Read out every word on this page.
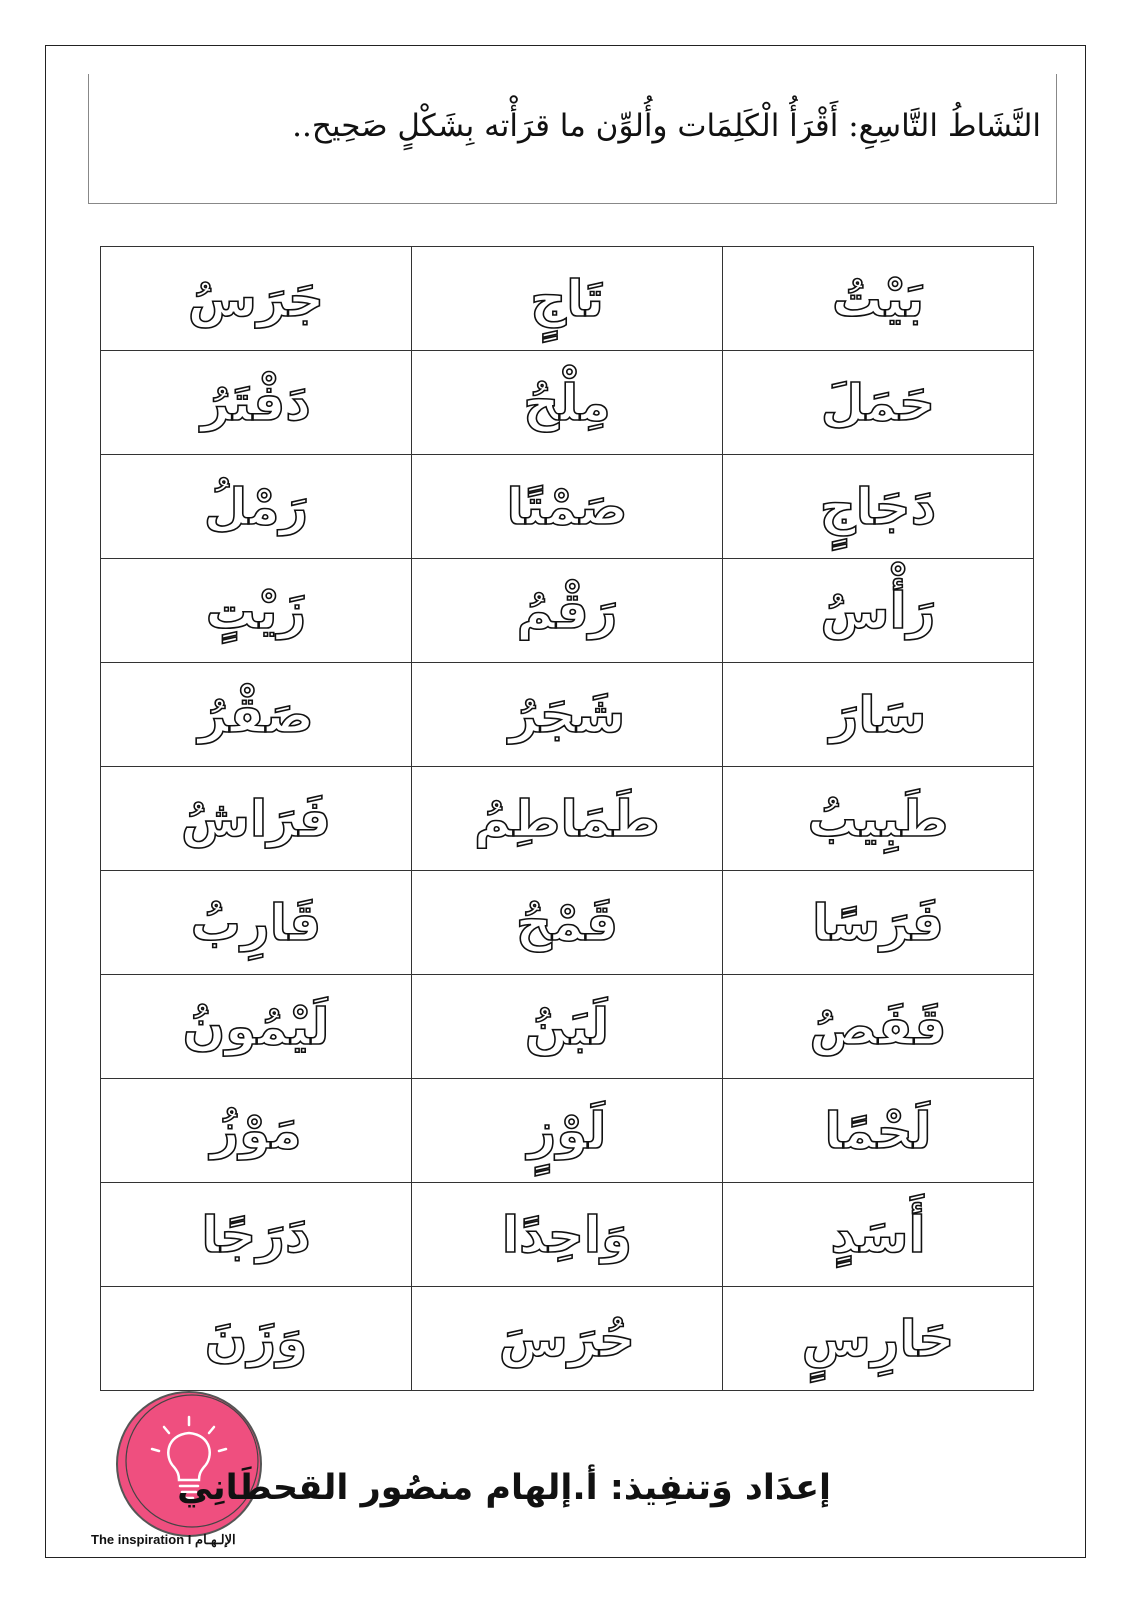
النَّشَاطُ التَّاسِعِ: أَقْرَأُ الْكَلِمَات وأُلوِّن ما قرَأْته بِشَكْلٍ صَحِيح..
بَيْتُ	تَاجٍ	جَرَسُ
حَمَلَ	مِلْحُ	دَفْتَرُ
دَجَاجٍ	صَمْتًا	رَمْلُ
رَأْسُ	رَقْمُ	زَيْتٍ
سَارَ	شَجَرُ	صَقْرُ
طَبِيبُ	طَمَاطِمُ	فَرَاشُ
فَرَسًا	قَمْحُ	قَارِبُ
قَفَصُ	لَبَنُ	لَيْمُونُ
لَحْمًا	لَوْزٍ	مَوْزُ
أَسَدٍ	وَاحِدًا	دَرَجًا
حَارِسٍ	حُرَسَ	وَزَنَ
The inspiration I الإلـهـام
إعدَاد وَتنفِيذ: أ.إلهام منصُور القحطَانِي
